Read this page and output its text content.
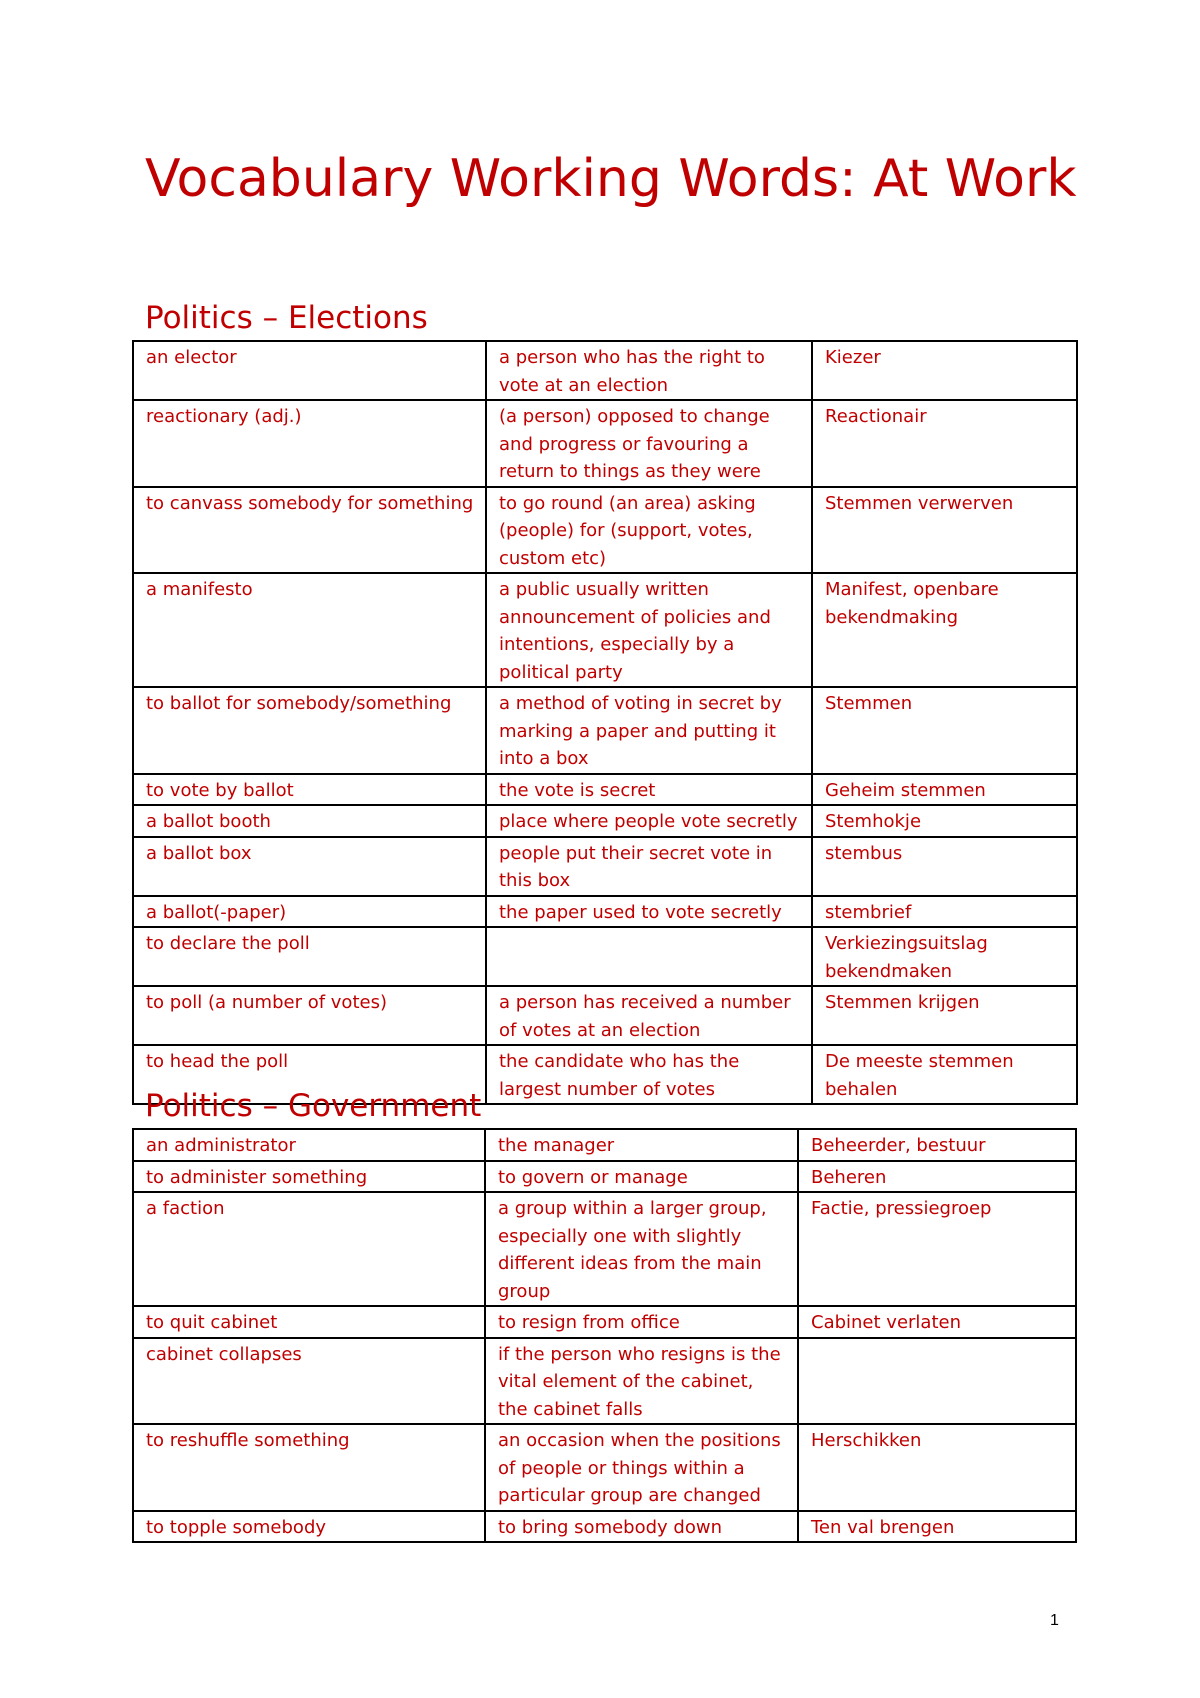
Vocabulary Working Words: At Work
Politics – Elections
an elector	a person who has the right to vote at an election	Kiezer
reactionary (adj.)	(a person) opposed to change and progress or favouring a return to things as they were	Reactionair
to canvass somebody for something	to go round (an area) asking (people) for (support, votes, custom etc)	Stemmen verwerven
a manifesto	a public usually written announcement of policies and intentions, especially by a political party	Manifest, openbare bekendmaking
to ballot for somebody/something	a method of voting in secret by marking a paper and putting it into a box	Stemmen
to vote by ballot	the vote is secret	Geheim stemmen
a ballot booth	place where people vote secretly	Stemhokje
a ballot box	people put their secret vote in this box	stembus
a ballot(-paper)	the paper used to vote secretly	stembrief
to declare the poll		Verkiezingsuitslag bekendmaken
to poll (a number of votes)	a person has received a number of votes at an election	Stemmen krijgen
to head the poll	the candidate who has the largest number of votes	De meeste stemmen behalen
Politics – Government
an administrator	the manager	Beheerder, bestuur
to administer something	to govern or manage	Beheren
a faction	a group within a larger group, especially one with slightly different ideas from the main group	Factie, pressiegroep
to quit cabinet	to resign from office	Cabinet verlaten
cabinet collapses	if the person who resigns is the vital element of the cabinet, the cabinet falls	
to reshuffle something	an occasion when the positions of people or things within a particular group are changed	Herschikken
to topple somebody	to bring somebody down	Ten val brengen
1
